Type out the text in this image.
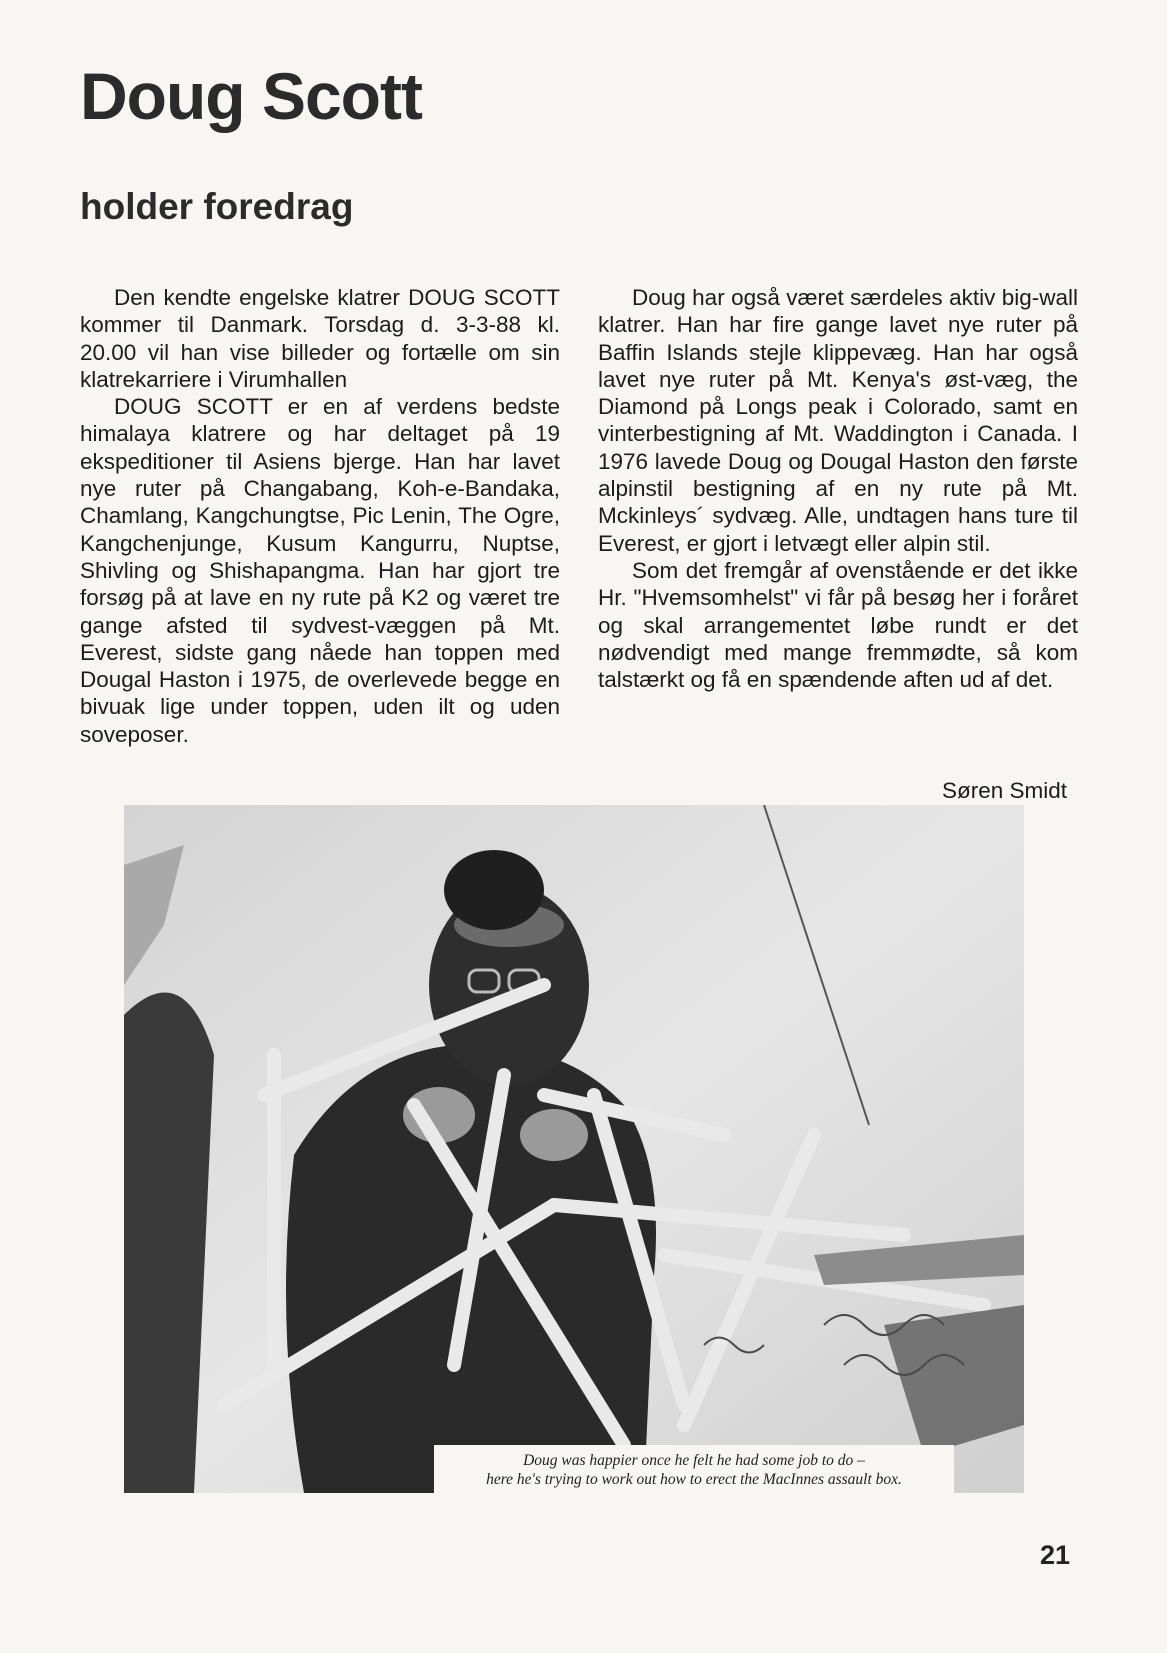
Doug Scott
holder foredrag

Den kendte engelske klatrer DOUG SCOTT kommer til Danmark. Torsdag d. 3-3-88 kl. 20.00 vil han vise billeder og fortælle om sin klatrekarriere i Virumhallen

DOUG SCOTT er en af verdens bedste himalaya klatrere og har deltaget på 19 ekspeditioner til Asiens bjerge. Han har lavet nye ruter på Changabang, Koh-e-Bandaka, Chamlang, Kangchungtse, Pic Lenin, The Ogre, Kangchenjunge, Kusum Kangurru, Nuptse, Shivling og Shishapangma. Han har gjort tre forsøg på at lave en ny rute på K2 og været tre gange afsted til sydvest-væggen på Mt. Everest, sidste gang nåede han toppen med Dougal Haston i 1975, de overlevede begge en bivuak lige under toppen, uden ilt og uden soveposer.

Doug har også været særdeles aktiv big-wall klatrer. Han har fire gange lavet nye ruter på Baffin Islands stejle klippevæg. Han har også lavet nye ruter på Mt. Kenya's øst-væg, the Diamond på Longs peak i Colorado, samt en vinterbestigning af Mt. Waddington i Canada. I 1976 lavede Doug og Dougal Haston den første alpinstil bestigning af en ny rute på Mt. Mckinleys´ sydvæg. Alle, undtagen hans ture til Everest, er gjort i letvægt eller alpin stil.

Som det fremgår af ovenstående er det ikke Hr. "Hvemsomhelst" vi får på besøg her i foråret og skal arrangementet løbe rundt er det nødvendigt med mange fremmødte, så kom talstærkt og få en spændende aften ud af det.

Søren Smidt

Doug was happier once he felt he had some job to do –
here he's trying to work out how to erect the MacInnes assault box.

21
